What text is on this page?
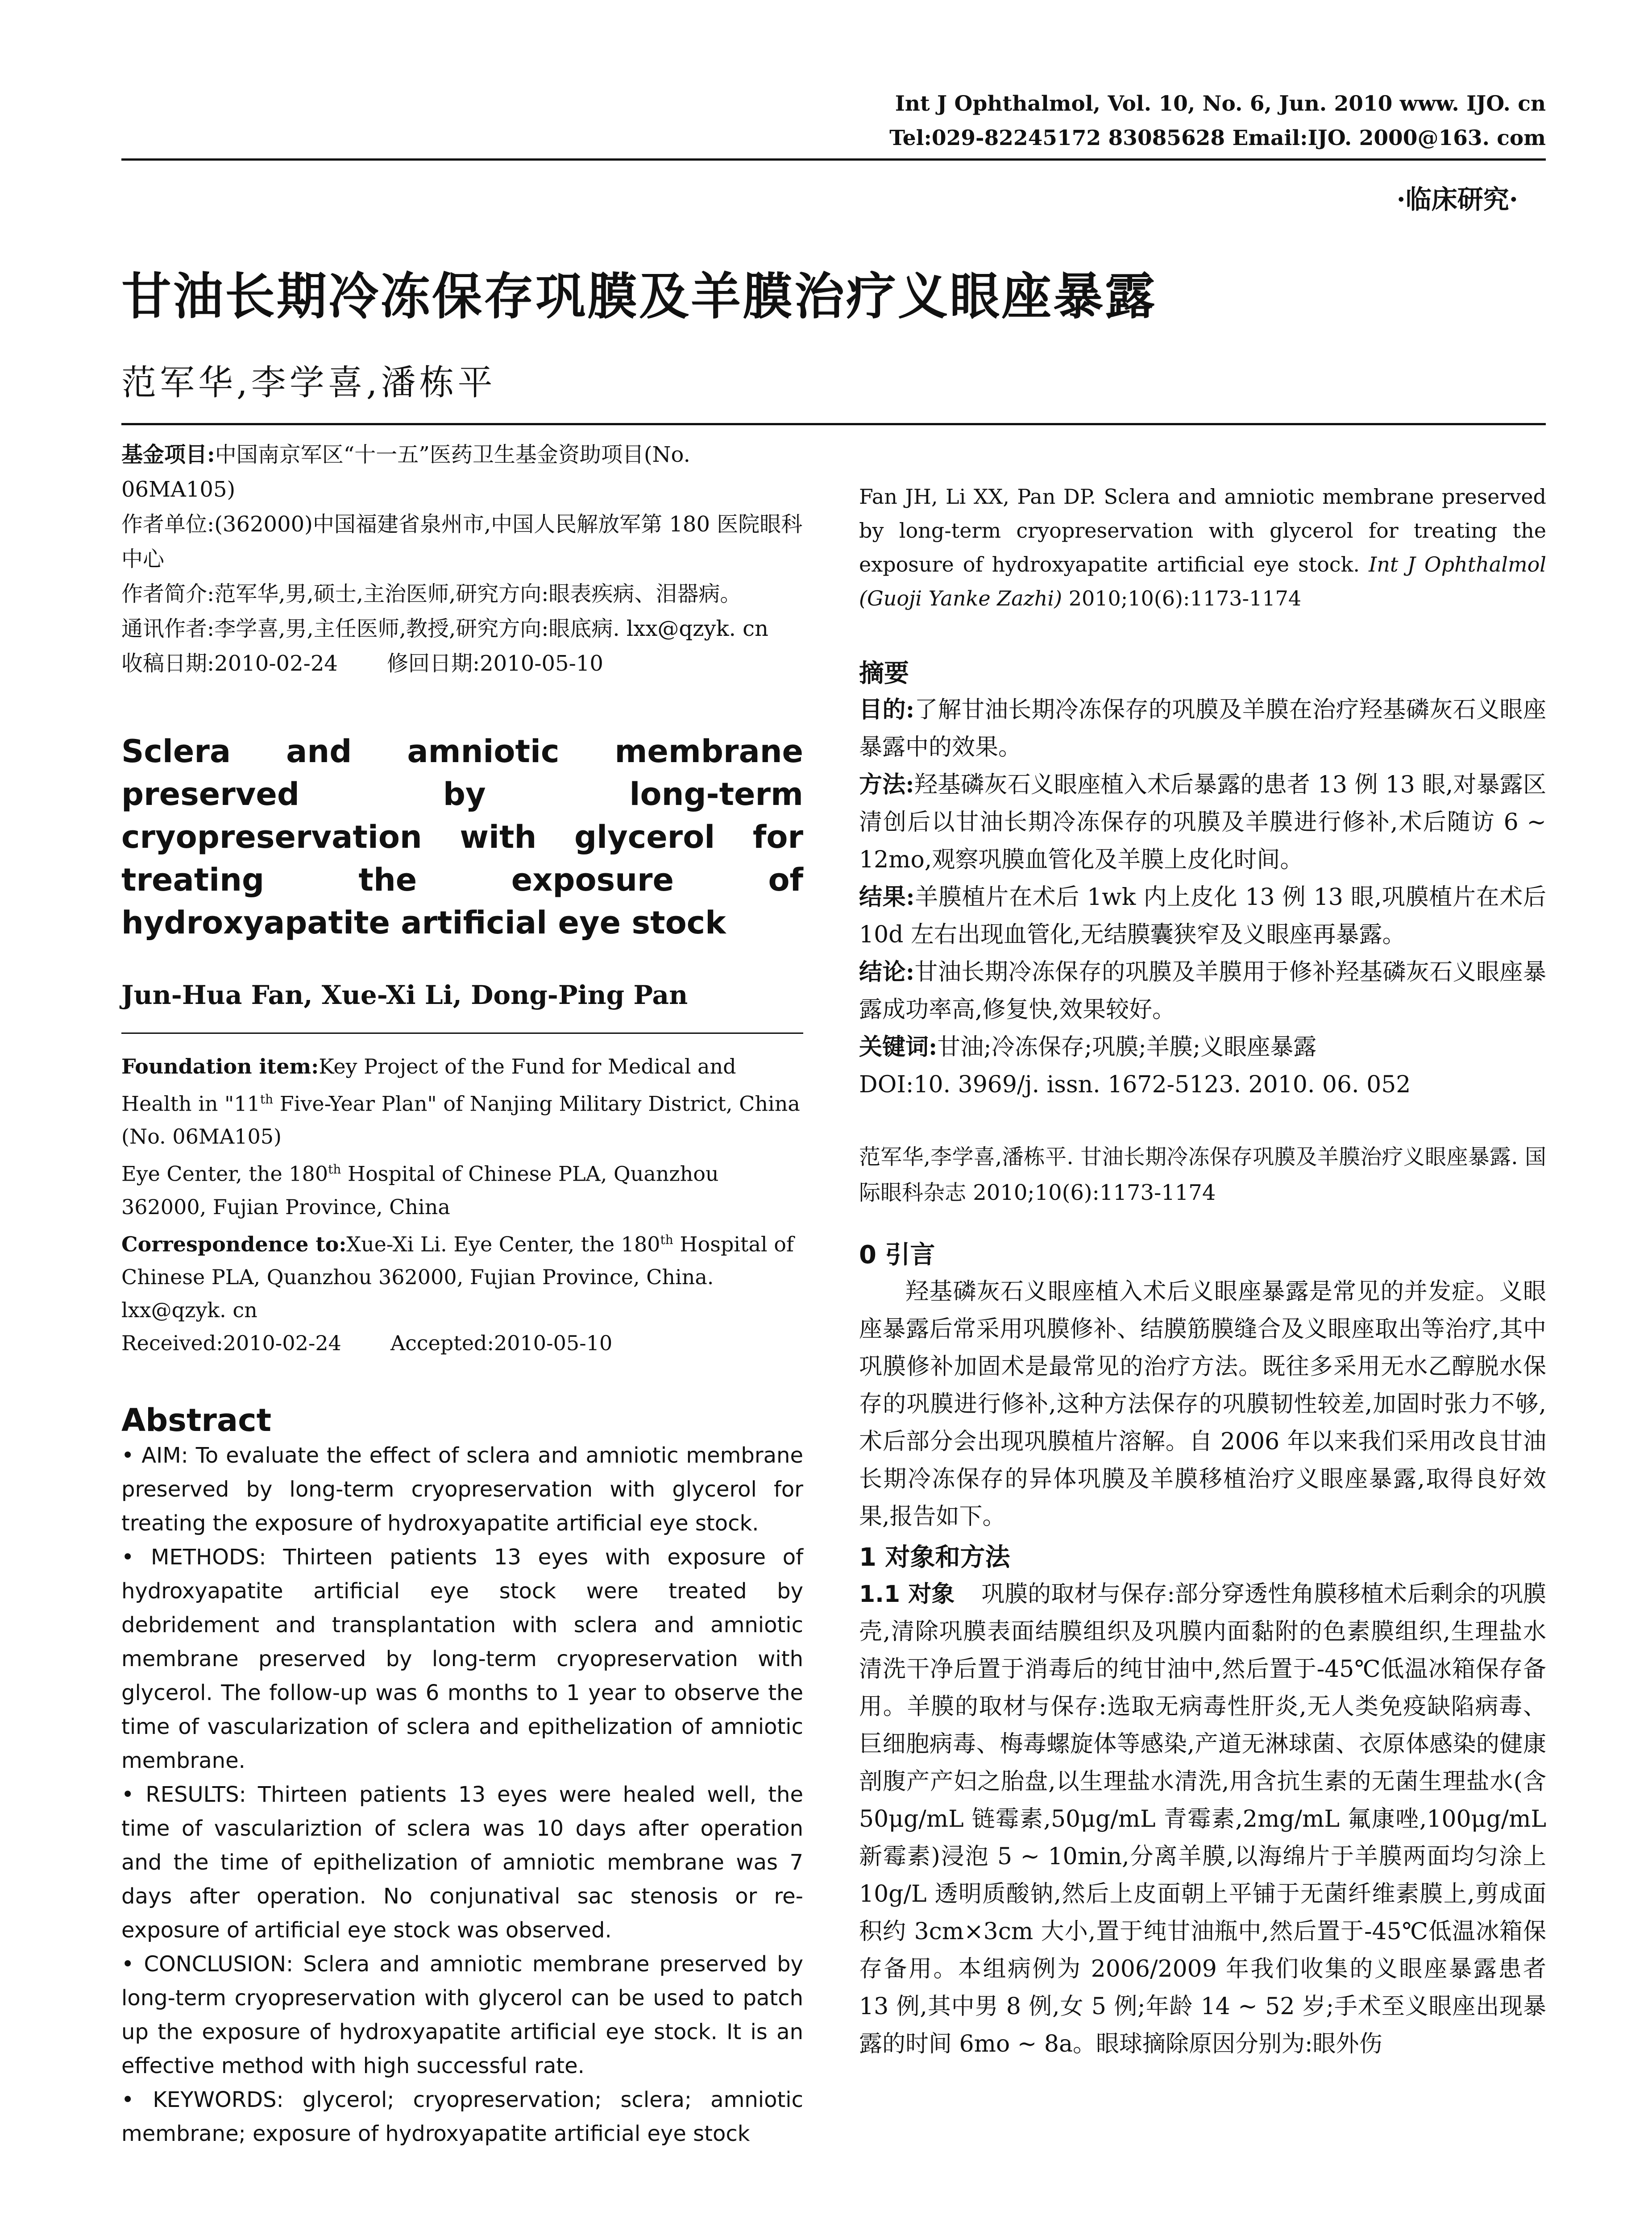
Int J Ophthalmol, Vol. 10, No. 6, Jun. 2010 www. IJO. cn
Tel:029-82245172 83085628 Email:IJO. 2000@163. com
·临床研究·
甘油长期冷冻保存巩膜及羊膜治疗义眼座暴露
范军华,李学喜,潘栋平

基金项目:中国南京军区“十一五”医药卫生基金资助项目(No. 06MA105)

作者单位:(362000)中国福建省泉州市,中国人民解放军第 180 医院眼科中心

作者简介:范军华,男,硕士,主治医师,研究方向:眼表疾病、泪器病。

通讯作者:李学喜,男,主任医师,教授,研究方向:眼底病. lxx@qzyk. cn

收稿日期:2010-02-24 修回日期:2010-05-10

Sclera and amniotic membrane preserved by long-term cryopreservation with glycerol for treating the exposure of hydroxyapatite artificial eye stock
Jun-Hua Fan, Xue-Xi Li, Dong-Ping Pan

Foundation item:Key Project of the Fund for Medical and Health in "11th Five-Year Plan" of Nanjing Military District, China (No. 06MA105)

Eye Center, the 180th Hospital of Chinese PLA, Quanzhou 362000, Fujian Province, China

Correspondence to:Xue-Xi Li. Eye Center, the 180th Hospital of Chinese PLA, Quanzhou 362000, Fujian Province, China. lxx@qzyk. cn

Received:2010-02-24 Accepted:2010-05-10

Abstract

• AIM: To evaluate the effect of sclera and amniotic membrane preserved by long-term cryopreservation with glycerol for treating the exposure of hydroxyapatite artificial eye stock.

• METHODS: Thirteen patients 13 eyes with exposure of hydroxyapatite artificial eye stock were treated by debridement and transplantation with sclera and amniotic membrane preserved by long-term cryopreservation with glycerol. The follow-up was 6 months to 1 year to observe the time of vascularization of sclera and epithelization of amniotic membrane.

• RESULTS: Thirteen patients 13 eyes were healed well, the time of vasculariztion of sclera was 10 days after operation and the time of epithelization of amniotic membrane was 7 days after operation. No conjunatival sac stenosis or re-exposure of artificial eye stock was observed.

• CONCLUSION: Sclera and amniotic membrane preserved by long-term cryopreservation with glycerol can be used to patch up the exposure of hydroxyapatite artificial eye stock. It is an effective method with high successful rate.

• KEYWORDS: glycerol; cryopreservation; sclera; amniotic membrane; exposure of hydroxyapatite artificial eye stock

Fan JH, Li XX, Pan DP. Sclera and amniotic membrane preserved by long-term cryopreservation with glycerol for treating the exposure of hydroxyapatite artificial eye stock. Int J Ophthalmol (Guoji Yanke Zazhi) 2010;10(6):1173-1174
摘要

目的:了解甘油长期冷冻保存的巩膜及羊膜在治疗羟基磷灰石义眼座暴露中的效果。

方法:羟基磷灰石义眼座植入术后暴露的患者 13 例 13 眼,对暴露区清创后以甘油长期冷冻保存的巩膜及羊膜进行修补,术后随访 6 ~ 12mo,观察巩膜血管化及羊膜上皮化时间。

结果:羊膜植片在术后 1wk 内上皮化 13 例 13 眼,巩膜植片在术后 10d 左右出现血管化,无结膜囊狭窄及义眼座再暴露。

结论:甘油长期冷冻保存的巩膜及羊膜用于修补羟基磷灰石义眼座暴露成功率高,修复快,效果较好。

关键词:甘油;冷冻保存;巩膜;羊膜;义眼座暴露

DOI:10. 3969/j. issn. 1672-5123. 2010. 06. 052

范军华,李学喜,潘栋平. 甘油长期冷冻保存巩膜及羊膜治疗义眼座暴露. 国际眼科杂志 2010;10(6):1173-1174
0 引言

羟基磷灰石义眼座植入术后义眼座暴露是常见的并发症。义眼座暴露后常采用巩膜修补、结膜筋膜缝合及义眼座取出等治疗,其中巩膜修补加固术是最常见的治疗方法。既往多采用无水乙醇脱水保存的巩膜进行修补,这种方法保存的巩膜韧性较差,加固时张力不够,术后部分会出现巩膜植片溶解。自 2006 年以来我们采用改良甘油长期冷冻保存的异体巩膜及羊膜移植治疗义眼座暴露,取得良好效果,报告如下。

1 对象和方法

1.1 对象 巩膜的取材与保存:部分穿透性角膜移植术后剩余的巩膜壳,清除巩膜表面结膜组织及巩膜内面黏附的色素膜组织,生理盐水清洗干净后置于消毒后的纯甘油中,然后置于-45℃低温冰箱保存备用。羊膜的取材与保存:选取无病毒性肝炎,无人类免疫缺陷病毒、巨细胞病毒、梅毒螺旋体等感染,产道无淋球菌、衣原体感染的健康剖腹产产妇之胎盘,以生理盐水清洗,用含抗生素的无菌生理盐水(含 50μg/mL 链霉素,50μg/mL 青霉素,2mg/mL 氟康唑,100μg/mL 新霉素)浸泡 5 ~ 10min,分离羊膜,以海绵片于羊膜两面均匀涂上 10g/L 透明质酸钠,然后上皮面朝上平铺于无菌纤维素膜上,剪成面积约 3cm×3cm 大小,置于纯甘油瓶中,然后置于-45℃低温冰箱保存备用。本组病例为 2006/2009 年我们收集的义眼座暴露患者 13 例,其中男 8 例,女 5 例;年龄 14 ~ 52 岁;手术至义眼座出现暴露的时间 6mo ~ 8a。眼球摘除原因分别为:眼外伤
